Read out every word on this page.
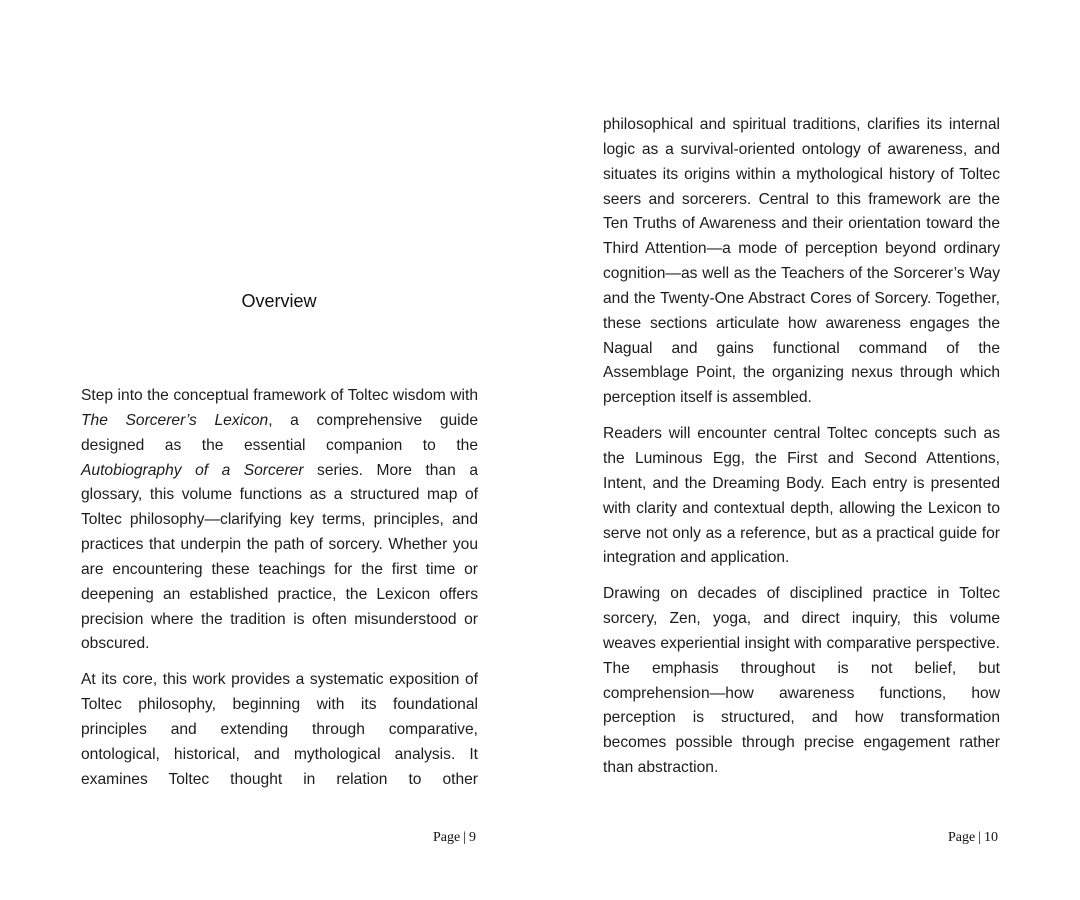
Overview

Step into the conceptual framework of Toltec wisdom with The Sorcerer’s Lexicon, a comprehensive guide designed as the essential companion to the Autobiography of a Sorcerer series. More than a glossary, this volume functions as a structured map of Toltec philosophy—clarifying key terms, principles, and practices that underpin the path of sorcery. Whether you are encountering these teachings for the first time or deepening an established practice, the Lexicon offers precision where the tradition is often misunderstood or obscured.

At its core, this work provides a systematic exposition of Toltec philosophy, beginning with its foundational principles and extending through comparative, ontological, historical, and mythological analysis. It examines Toltec thought in relation to other

Page | 9

philosophical and spiritual traditions, clarifies its internal logic as a survival-oriented ontology of awareness, and situates its origins within a mythological history of Toltec seers and sorcerers. Central to this framework are the Ten Truths of Awareness and their orientation toward the Third Attention—a mode of perception beyond ordinary cognition—as well as the Teachers of the Sorcerer’s Way and the Twenty-One Abstract Cores of Sorcery. Together, these sections articulate how awareness engages the Nagual and gains functional command of the Assemblage Point, the organizing nexus through which perception itself is assembled.

Readers will encounter central Toltec concepts such as the Luminous Egg, the First and Second Attentions, Intent, and the Dreaming Body. Each entry is presented with clarity and contextual depth, allowing the Lexicon to serve not only as a reference, but as a practical guide for integration and application.

Drawing on decades of disciplined practice in Toltec sorcery, Zen, yoga, and direct inquiry, this volume weaves experiential insight with comparative perspective. The emphasis throughout is not belief, but comprehension—how awareness functions, how perception is structured, and how transformation becomes possible through precise engagement rather than abstraction.

Page | 10
